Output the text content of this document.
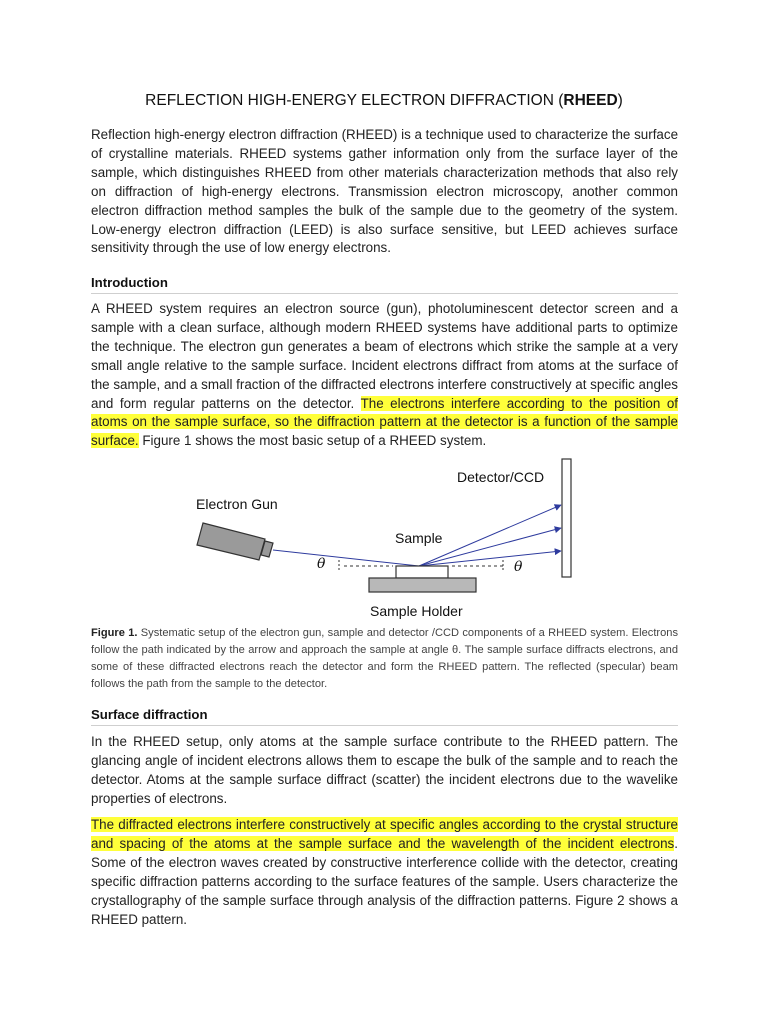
REFLECTION HIGH-ENERGY ELECTRON DIFFRACTION (RHEED)

Reflection high-energy electron diffraction (RHEED) is a technique used to characterize the surface of crystalline materials. RHEED systems gather information only from the surface layer of the sample, which distinguishes RHEED from other materials characterization methods that also rely on diffraction of high-energy electrons. Transmission electron microscopy, another common electron diffraction method samples the bulk of the sample due to the geometry of the system. Low-energy electron diffraction (LEED) is also surface sensitive, but LEED achieves surface sensitivity through the use of low energy electrons.

Introduction

A RHEED system requires an electron source (gun), photoluminescent detector screen and a sample with a clean surface, although modern RHEED systems have additional parts to optimize the technique. The electron gun generates a beam of electrons which strike the sample at a very small angle relative to the sample surface. Incident electrons diffract from atoms at the surface of the sample, and a small fraction of the diffracted electrons interfere constructively at specific angles and form regular patterns on the detector. The electrons interfere according to the position of atoms on the sample surface, so the diffraction pattern at the detector is a function of the sample surface. Figure 1 shows the most basic setup of a RHEED system.

Detector/CCD
Electron Gun
Sample
θ	θ
Sample Holder

Figure 1. Systematic setup of the electron gun, sample and detector /CCD components of a RHEED system. Electrons follow the path indicated by the arrow and approach the sample at angle θ. The sample surface diffracts electrons, and some of these diffracted electrons reach the detector and form the RHEED pattern. The reflected (specular) beam follows the path from the sample to the detector.

Surface diffraction

In the RHEED setup, only atoms at the sample surface contribute to the RHEED pattern. The glancing angle of incident electrons allows them to escape the bulk of the sample and to reach the detector. Atoms at the sample surface diffract (scatter) the incident electrons due to the wavelike properties of electrons.

The diffracted electrons interfere constructively at specific angles according to the crystal structure and spacing of the atoms at the sample surface and the wavelength of the incident electrons. Some of the electron waves created by constructive interference collide with the detector, creating specific diffraction patterns according to the surface features of the sample. Users characterize the crystallography of the sample surface through analysis of the diffraction patterns. Figure 2 shows a RHEED pattern.
